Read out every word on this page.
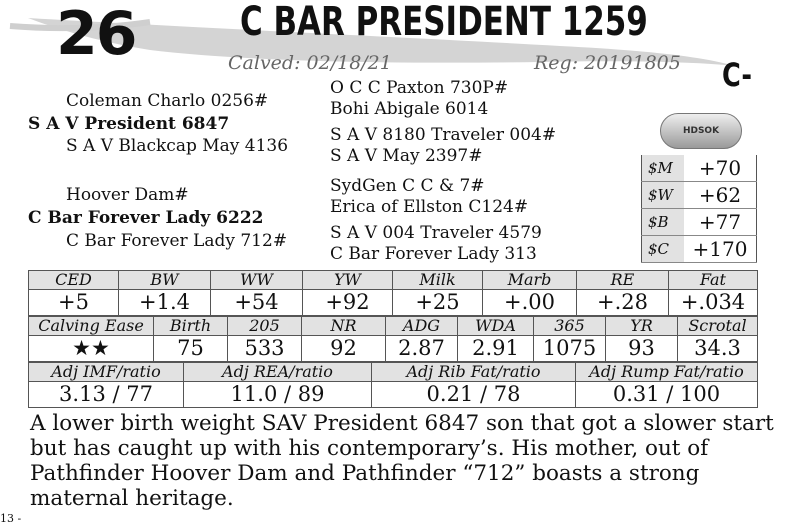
26	C BAR PRESIDENT 1259
Calved: 02/18/21	Reg: 20191805 C-
Coleman Charlo 0256#
S A V President 6847
S A V Blackcap May 4136
Hoover Dam#
C Bar Forever Lady 6222
C Bar Forever Lady 712#
O C C Paxton 730P#
Bohi Abigale 6014
S A V 8180 Traveler 004#
S A V May 2397#
SydGen C C & 7#
Erica of Ellston C124#
S A V 004 Traveler 4579
C Bar Forever Lady 313
HDSOK
$M	+70
$W	+62
$B	+77
$C	+170
CED	BW	WW	YW	Milk	Marb	RE	Fat
+5	+1.4	+54	+92	+25	+.00	+.28	+.034
Calving Ease	Birth	205	NR	ADG	WDA	365	YR	Scrotal
★★	75	533	92	2.87	2.91	1075	93	34.3
Adj IMF/ratio	Adj REA/ratio	Adj Rib Fat/ratio	Adj Rump Fat/ratio
3.13 / 77	11.0 / 89	0.21 / 78	0.31 / 100
A lower birth weight SAV President 6847 son that got a slower start but has caught up with his contemporary’s. His mother, out of Pathfinder Hoover Dam and Pathfinder “712” boasts a strong maternal heritage.
13 -
